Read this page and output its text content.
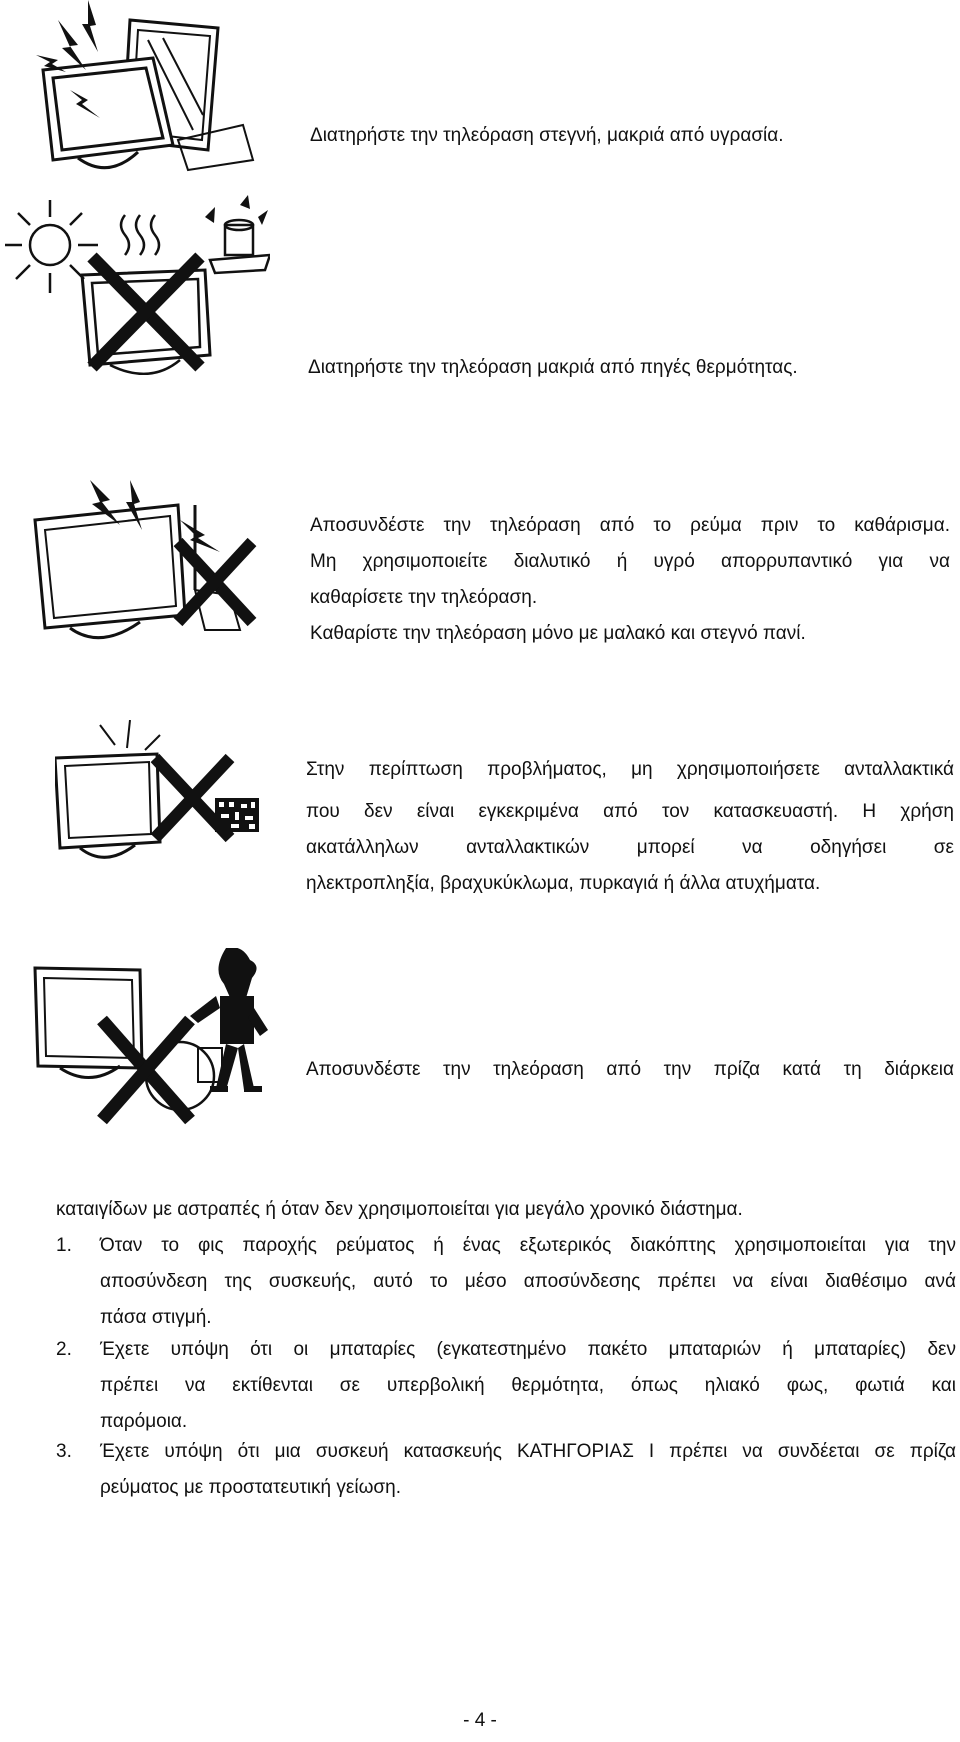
Διατηρήστε την τηλεόραση στεγνή, μακριά από υγρασία.
Διατηρήστε την τηλεόραση μακριά από πηγές θερμότητας.
Αποσυνδέστε την τηλεόραση από το ρεύμα πριν το καθάρισμα.
Μη χρησιμοποιείτε διαλυτικό ή υγρό απορρυπαντικό για να
καθαρίσετε την τηλεόραση.
Καθαρίστε την τηλεόραση μόνο με μαλακό και στεγνό πανί.
Στην περίπτωση προβλήματος, μη χρησιμοποιήσετε ανταλλακτικά
που δεν είναι εγκεκριμένα από τον κατασκευαστή. Η χρήση
ακατάλληλων ανταλλακτικών μπορεί να οδηγήσει σε
ηλεκτροπληξία, βραχυκύκλωμα, πυρκαγιά ή άλλα ατυχήματα.
Αποσυνδέστε την τηλεόραση από την πρίζα κατά τη διάρκεια
καταιγίδων με αστραπές ή όταν δεν χρησιμοποιείται για μεγάλο χρονικό διάστημα.
1.	Όταν το φις παροχής ρεύματος ή ένας εξωτερικός διακόπτης χρησιμοποιείται για την
αποσύνδεση της συσκευής, αυτό το μέσο αποσύνδεσης πρέπει να είναι διαθέσιμο ανά
πάσα στιγμή.
2.	Έχετε υπόψη ότι οι μπαταρίες (εγκατεστημένο πακέτο μπαταριών ή μπαταρίες) δεν
πρέπει να εκτίθενται σε υπερβολική θερμότητα, όπως ηλιακό φως, φωτιά και
παρόμοια.
3.	Έχετε υπόψη ότι μια συσκευή κατασκευής ΚΑΤΗΓΟΡΙΑΣ Ι πρέπει να συνδέεται σε πρίζα
ρεύματος με προστατευτική γείωση.
- 4 -
